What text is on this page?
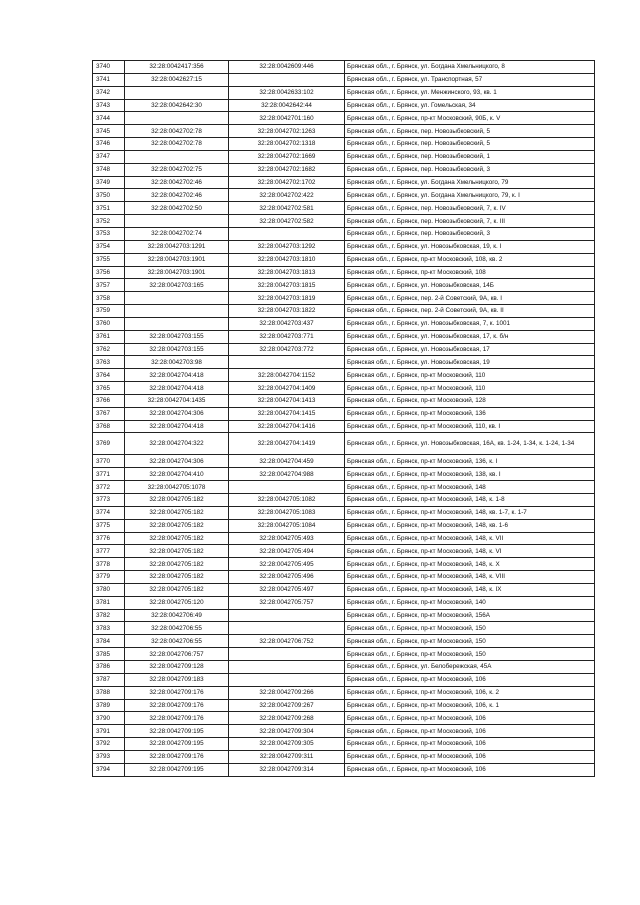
3740	32:28:0042417:356	32:28:0042609:446	Брянская обл., г. Брянск, ул. Богдана Хмельницкого, 8
3741	32:28:0042627:15		Брянская обл., г. Брянск, ул. Транспортная, 57
3742		32:28:0042633:102	Брянская обл., г. Брянск, ул. Менжинского, 93, кв. 1
3743	32:28:0042642:30	32:28:0042642:44	Брянская обл., г. Брянск, ул. Гомельская, 34
3744		32:28:0042701:160	Брянская обл., г. Брянск, пр-кт Московский, 90Б, к. V
3745	32:28:0042702:78	32:28:0042702:1263	Брянская обл., г. Брянск, пер. Новозыбковский, 5
3746	32:28:0042702:78	32:28:0042702:1318	Брянская обл., г. Брянск, пер. Новозыбковский, 5
3747		32:28:0042702:1669	Брянская обл., г. Брянск, пер. Новозыбковский, 1
3748	32:28:0042702:75	32:28:0042702:1682	Брянская обл., г. Брянск, пер. Новозыбковский, 3
3749	32:28:0042702:46	32:28:0042702:1702	Брянская обл., г. Брянск, ул. Богдана Хмельницкого, 79
3750	32:28:0042702:46	32:28:0042702:422	Брянская обл., г. Брянск, ул. Богдана Хмельницкого, 79, к. I
3751	32:28:0042702:50	32:28:0042702:581	Брянская обл., г. Брянск, пер. Новозыбковский, 7, к. IV
3752		32:28:0042702:582	Брянская обл., г. Брянск, пер. Новозыбковский, 7, к. III
3753	32:28:0042702:74		Брянская обл., г. Брянск, пер. Новозыбковский, 3
3754	32:28:0042703:1291	32:28:0042703:1292	Брянская обл., г. Брянск, ул. Новозыбковская, 19, к. I
3755	32:28:0042703:1901	32:28:0042703:1810	Брянская обл., г. Брянск, пр-кт Московский, 108, кв. 2
3756	32:28:0042703:1901	32:28:0042703:1813	Брянская обл., г. Брянск, пр-кт Московский, 108
3757	32:28:0042703:165	32:28:0042703:1815	Брянская обл., г. Брянск, ул. Новозыбковская, 14Б
3758		32:28:0042703:1819	Брянская обл., г. Брянск, пер. 2-й Советский, 9А, кв. I
3759		32:28:0042703:1822	Брянская обл., г. Брянск, пер. 2-й Советский, 9А, кв. II
3760		32:28:0042703:437	Брянская обл., г. Брянск, ул. Новозыбковская, 7, к. 1001
3761	32:28:0042703:155	32:28:0042703:771	Брянская обл., г. Брянск, ул. Новозыбковская, 17, к. б/н
3762	32:28:0042703:155	32:28:0042703:772	Брянская обл., г. Брянск, ул. Новозыбковская, 17
3763	32:28:0042703:98		Брянская обл., г. Брянск, ул. Новозыбковская, 19
3764	32:28:0042704:418	32:28:0042704:1152	Брянская обл., г. Брянск, пр-кт Московский, 110
3765	32:28:0042704:418	32:28:0042704:1409	Брянская обл., г. Брянск, пр-кт Московский, 110
3766	32:28:0042704:1435	32:28:0042704:1413	Брянская обл., г. Брянск, пр-кт Московский, 128
3767	32:28:0042704:306	32:28:0042704:1415	Брянская обл., г. Брянск, пр-кт Московский, 136
3768	32:28:0042704:418	32:28:0042704:1416	Брянская обл., г. Брянск, пр-кт Московский, 110, кв. I
3769	32:28:0042704:322	32:28:0042704:1419	Брянская обл., г. Брянск, ул. Новозыбковская, 16А, кв. 1-24, 1-34, к. 1-24, 1-34
3770	32:28:0042704:306	32:28:0042704:459	Брянская обл., г. Брянск, пр-кт Московский, 136, к. I
3771	32:28:0042704:410	32:28:0042704:988	Брянская обл., г. Брянск, пр-кт Московский, 138, кв. I
3772	32:28:0042705:1078		Брянская обл., г. Брянск, пр-кт Московский, 148
3773	32:28:0042705:182	32:28:0042705:1082	Брянская обл., г. Брянск, пр-кт Московский, 148, к. 1-8
3774	32:28:0042705:182	32:28:0042705:1083	Брянская обл., г. Брянск, пр-кт Московский, 148, кв. 1-7, к. 1-7
3775	32:28:0042705:182	32:28:0042705:1084	Брянская обл., г. Брянск, пр-кт Московский, 148, кв. 1-6
3776	32:28:0042705:182	32:28:0042705:493	Брянская обл., г. Брянск, пр-кт Московский, 148, к. VII
3777	32:28:0042705:182	32:28:0042705:494	Брянская обл., г. Брянск, пр-кт Московский, 148, к. VI
3778	32:28:0042705:182	32:28:0042705:495	Брянская обл., г. Брянск, пр-кт Московский, 148, к. X
3779	32:28:0042705:182	32:28:0042705:496	Брянская обл., г. Брянск, пр-кт Московский, 148, к. VIII
3780	32:28:0042705:182	32:28:0042705:497	Брянская обл., г. Брянск, пр-кт Московский, 148, к. IX
3781	32:28:0042705:120	32:28:0042705:757	Брянская обл., г. Брянск, пр-кт Московский, 140
3782	32:28:0042706:49		Брянская обл., г. Брянск, пр-кт Московский, 156А
3783	32:28:0042706:55		Брянская обл., г. Брянск, пр-кт Московский, 150
3784	32:28:0042706:55	32:28:0042706:752	Брянская обл., г. Брянск, пр-кт Московский, 150
3785	32:28:0042706:757		Брянская обл., г. Брянск, пр-кт Московский, 150
3786	32:28:0042709:128		Брянская обл., г. Брянск, ул. Белобережская, 45А
3787	32:28:0042709:183		Брянская обл., г. Брянск, пр-кт Московский, 106
3788	32:28:0042709:176	32:28:0042709:266	Брянская обл., г. Брянск, пр-кт Московский, 106, к. 2
3789	32:28:0042709:176	32:28:0042709:267	Брянская обл., г. Брянск, пр-кт Московский, 106, к. 1
3790	32:28:0042709:176	32:28:0042709:268	Брянская обл., г. Брянск, пр-кт Московский, 106
3791	32:28:0042709:195	32:28:0042709:304	Брянская обл., г. Брянск, пр-кт Московский, 106
3792	32:28:0042709:195	32:28:0042709:305	Брянская обл., г. Брянск, пр-кт Московский, 106
3793	32:28:0042709:176	32:28:0042709:311	Брянская обл., г. Брянск, пр-кт Московский, 106
3794	32:28:0042709:195	32:28:0042709:314	Брянская обл., г. Брянск, пр-кт Московский, 106
